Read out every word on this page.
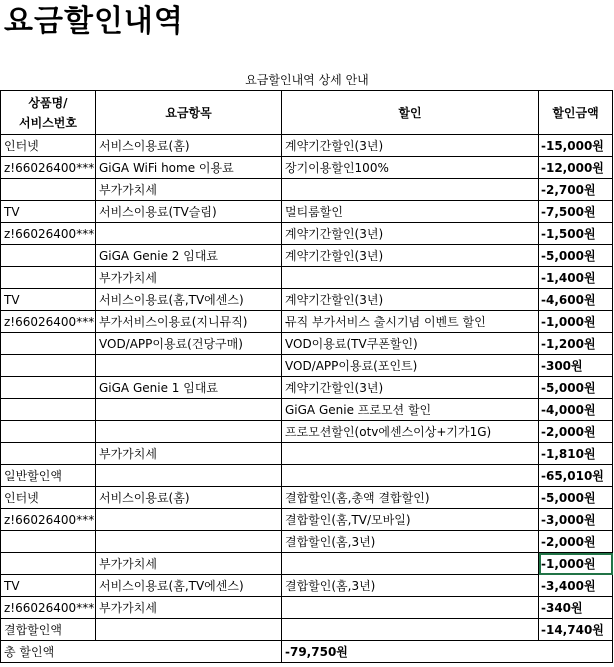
요금할인내역
요금할인내역 상세 안내
상품명/
서비스번호	요금항목	할인	할인금액
인터넷	서비스이용료(홈)	계약기간할인(3년)	-15,000원
z!66026400***	GiGA WiFi home 이용료	장기이용할인100%	-12,000원
	부가가치세		-2,700원
TV	서비스이용료(TV슬림)	멀티룸할인	-7,500원
z!66026400***		계약기간할인(3년)	-1,500원
	GiGA Genie 2 임대료	계약기간할인(3년)	-5,000원
	부가가치세		-1,400원
TV	서비스이용료(홈,TV에센스)	계약기간할인(3년)	-4,600원
z!66026400***	부가서비스이용료(지니뮤직)	뮤직 부가서비스 출시기념 이벤트 할인	-1,000원
	VOD/APP이용료(건당구매)	VOD이용료(TV쿠폰할인)	-1,200원
		VOD/APP이용료(포인트)	-300원
	GiGA Genie 1 임대료	계약기간할인(3년)	-5,000원
		GiGA Genie 프로모션 할인	-4,000원
		프로모션할인(otv에센스이상+기가1G)	-2,000원
	부가가치세		-1,810원
일반할인액			-65,010원
인터넷	서비스이용료(홈)	결합할인(홈,총액 결합할인)	-5,000원
z!66026400***		결합할인(홈,TV/모바일)	-3,000원
		결합할인(홈,3년)	-2,000원
	부가가치세		-1,000원
TV	서비스이용료(홈,TV에센스)	결합할인(홈,3년)	-3,400원
z!66026400***	부가가치세		-340원
결합할인액			-14,740원
총 할인액		-79,750원	
